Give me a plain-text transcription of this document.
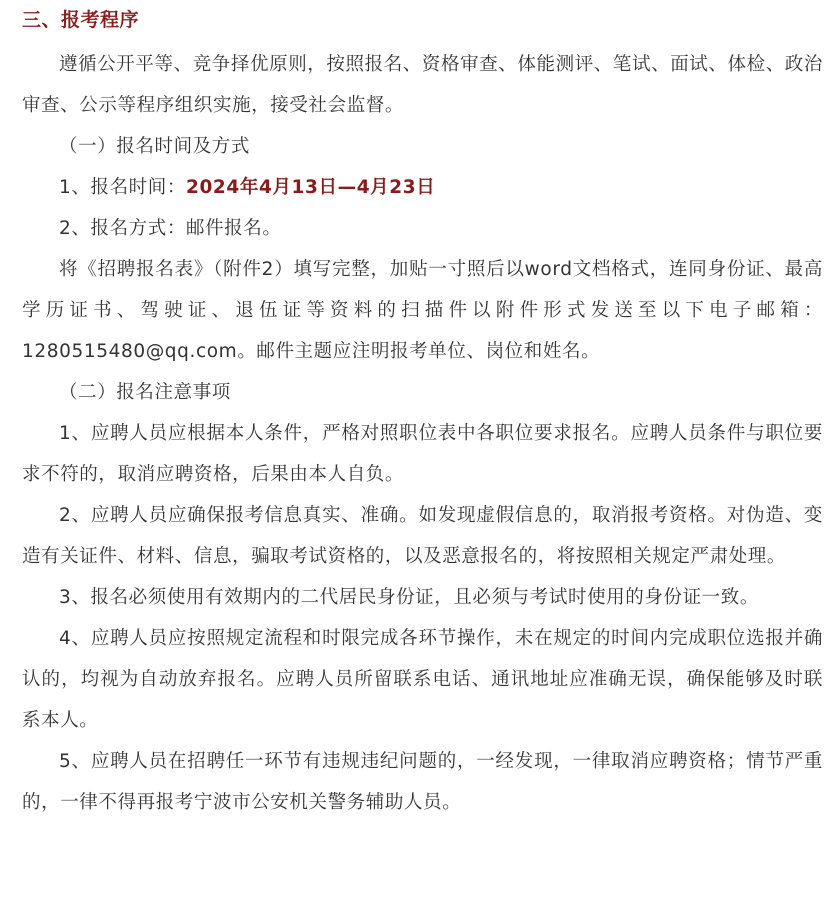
三、报考程序

遵循公开平等、竞争择优原则，按照报名、资格审查、体能测评、笔试、面试、体检、政治审查、公示等程序组织实施，接受社会监督。

（一）报名时间及方式

1、报名时间：2024年4月13日—4月23日

2、报名方式：邮件报名。

将《招聘报名表》（附件2）填写完整，加贴一寸照后以word文档格式，连同身份证、最高学历证书、驾驶证、退伍证等资料的扫描件以附件形式发送至以下电子邮箱：1280515480@qq.com。邮件主题应注明报考单位、岗位和姓名。

（二）报名注意事项

1、应聘人员应根据本人条件，严格对照职位表中各职位要求报名。应聘人员条件与职位要求不符的，取消应聘资格，后果由本人自负。

2、应聘人员应确保报考信息真实、准确。如发现虚假信息的，取消报考资格。对伪造、变造有关证件、材料、信息，骗取考试资格的，以及恶意报名的，将按照相关规定严肃处理。

3、报名必须使用有效期内的二代居民身份证，且必须与考试时使用的身份证一致。

4、应聘人员应按照规定流程和时限完成各环节操作，未在规定的时间内完成职位选报并确认的，均视为自动放弃报名。应聘人员所留联系电话、通讯地址应准确无误，确保能够及时联系本人。

5、应聘人员在招聘任一环节有违规违纪问题的，一经发现，一律取消应聘资格；情节严重的，一律不得再报考宁波市公安机关警务辅助人员。
